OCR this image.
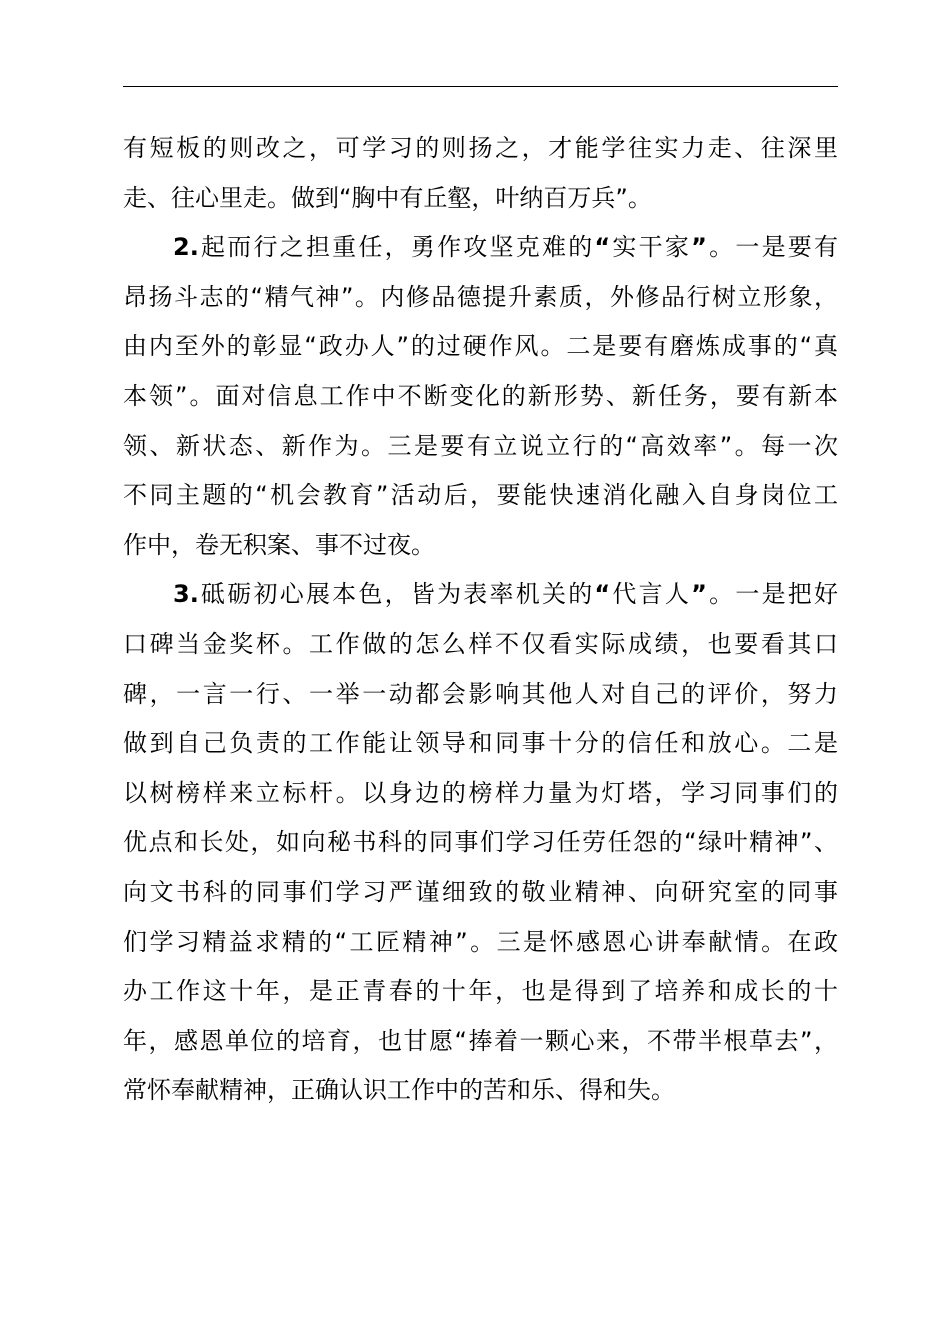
有短板的则改之，可学习的则扬之，才能学往实力走、往深里
走、往心里走。做到“胸中有丘壑，叶纳百万兵”。
2.起而行之担重任，勇作攻坚克难的“实干家”。一是要有
昂扬斗志的“精气神”。内修品德提升素质，外修品行树立形象，
由内至外的彰显“政办人”的过硬作风。二是要有磨炼成事的“真
本领”。面对信息工作中不断变化的新形势、新任务，要有新本
领、新状态、新作为。三是要有立说立行的“高效率”。每一次
不同主题的“机会教育”活动后，要能快速消化融入自身岗位工
作中，卷无积案、事不过夜。
3.砥砺初心展本色，皆为表率机关的“代言人”。一是把好
口碑当金奖杯。工作做的怎么样不仅看实际成绩，也要看其口
碑，一言一行、一举一动都会影响其他人对自己的评价，努力
做到自己负责的工作能让领导和同事十分的信任和放心。二是
以树榜样来立标杆。以身边的榜样力量为灯塔，学习同事们的
优点和长处，如向秘书科的同事们学习任劳任怨的“绿叶精神”、
向文书科的同事们学习严谨细致的敬业精神、向研究室的同事
们学习精益求精的“工匠精神”。三是怀感恩心讲奉献情。在政
办工作这十年，是正青春的十年，也是得到了培养和成长的十
年，感恩单位的培育，也甘愿“捧着一颗心来，不带半根草去”，
常怀奉献精神，正确认识工作中的苦和乐、得和失。
